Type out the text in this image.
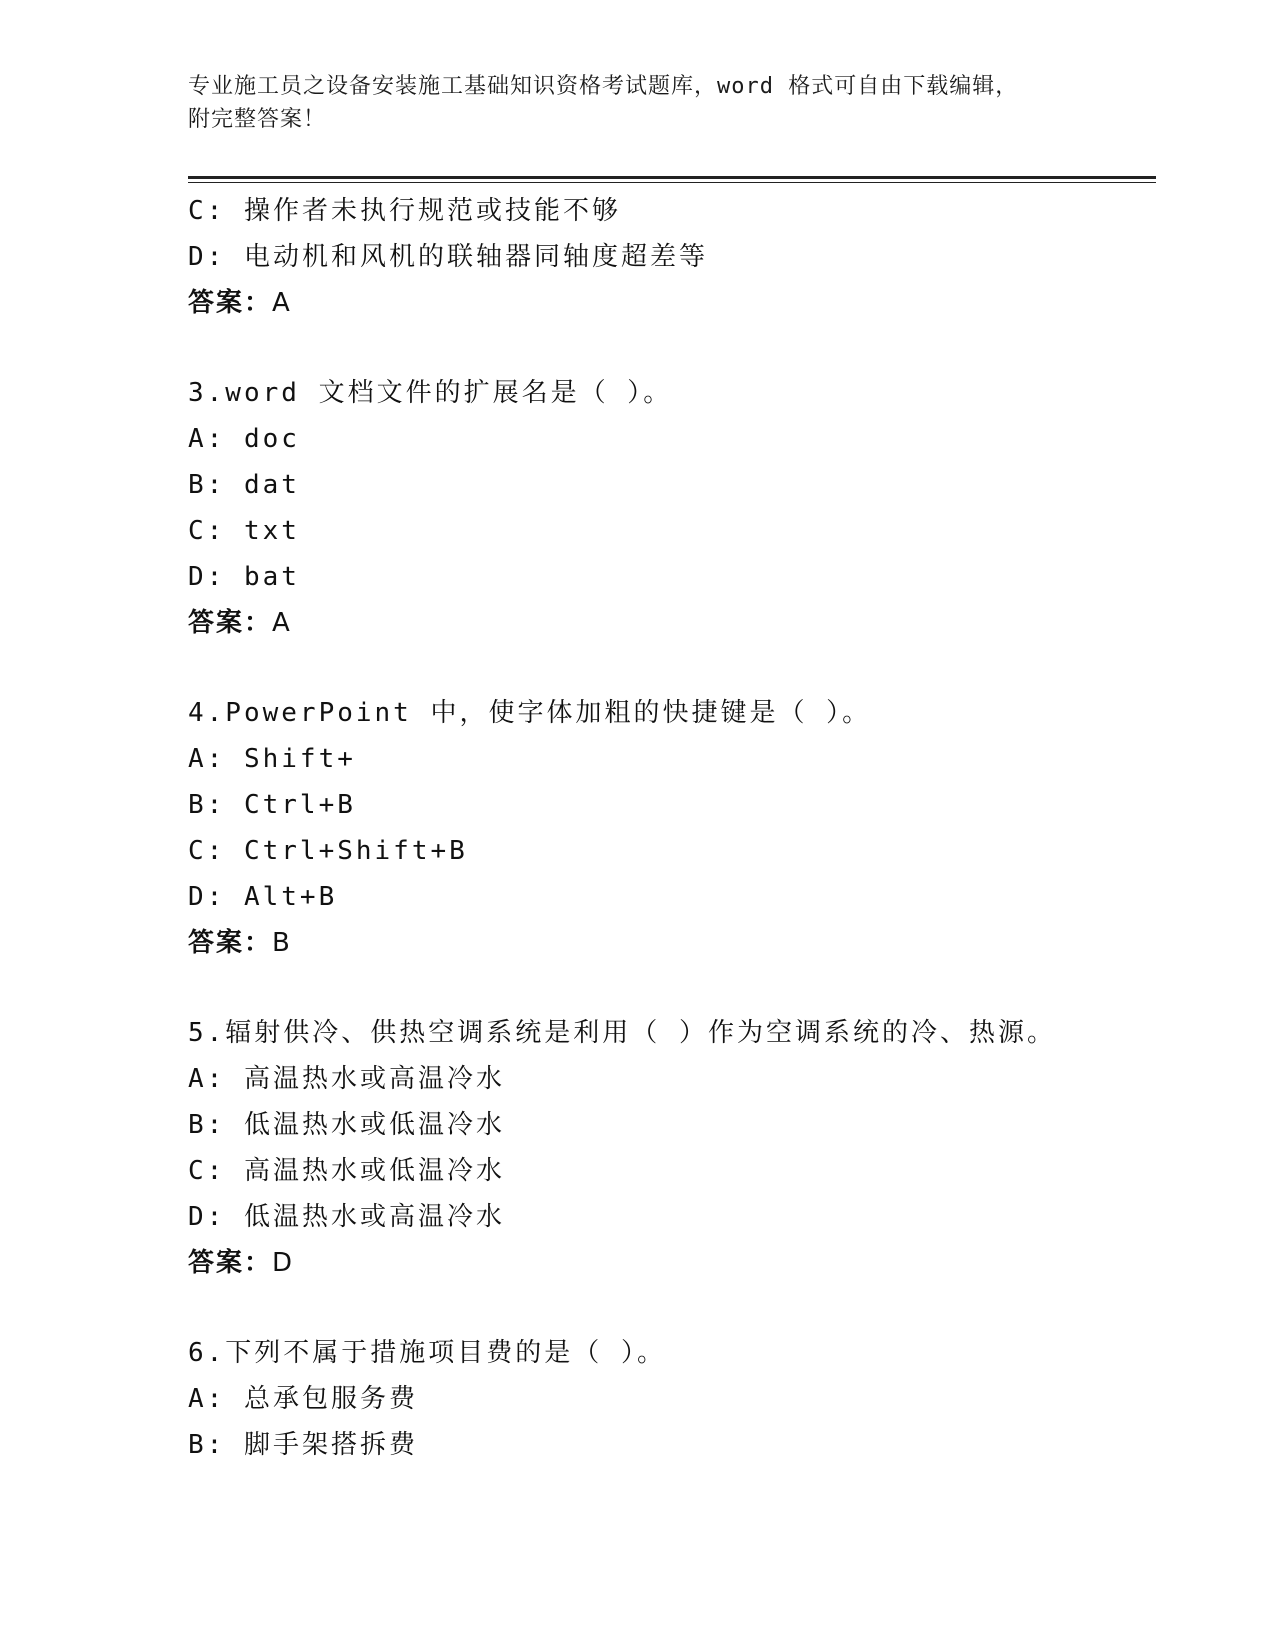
专业施工员之设备安装施工基础知识资格考试题库，word 格式可自由下载编辑，
附完整答案！
C: 操作者未执行规范或技能不够
D: 电动机和风机的联轴器同轴度超差等
答案：A
3.word 文档文件的扩展名是（ ）。
A: doc
B: dat
C: txt
D: bat
答案：A
4.PowerPoint 中，使字体加粗的快捷键是（ ）。
A: Shift+
B: Ctrl+B
C: Ctrl+Shift+B
D: Alt+B
答案：B
5.辐射供冷、供热空调系统是利用（ ）作为空调系统的冷、热源。
A: 高温热水或高温冷水
B: 低温热水或低温冷水
C: 高温热水或低温冷水
D: 低温热水或高温冷水
答案：D
6.下列不属于措施项目费的是（ ）。
A: 总承包服务费
B: 脚手架搭拆费
